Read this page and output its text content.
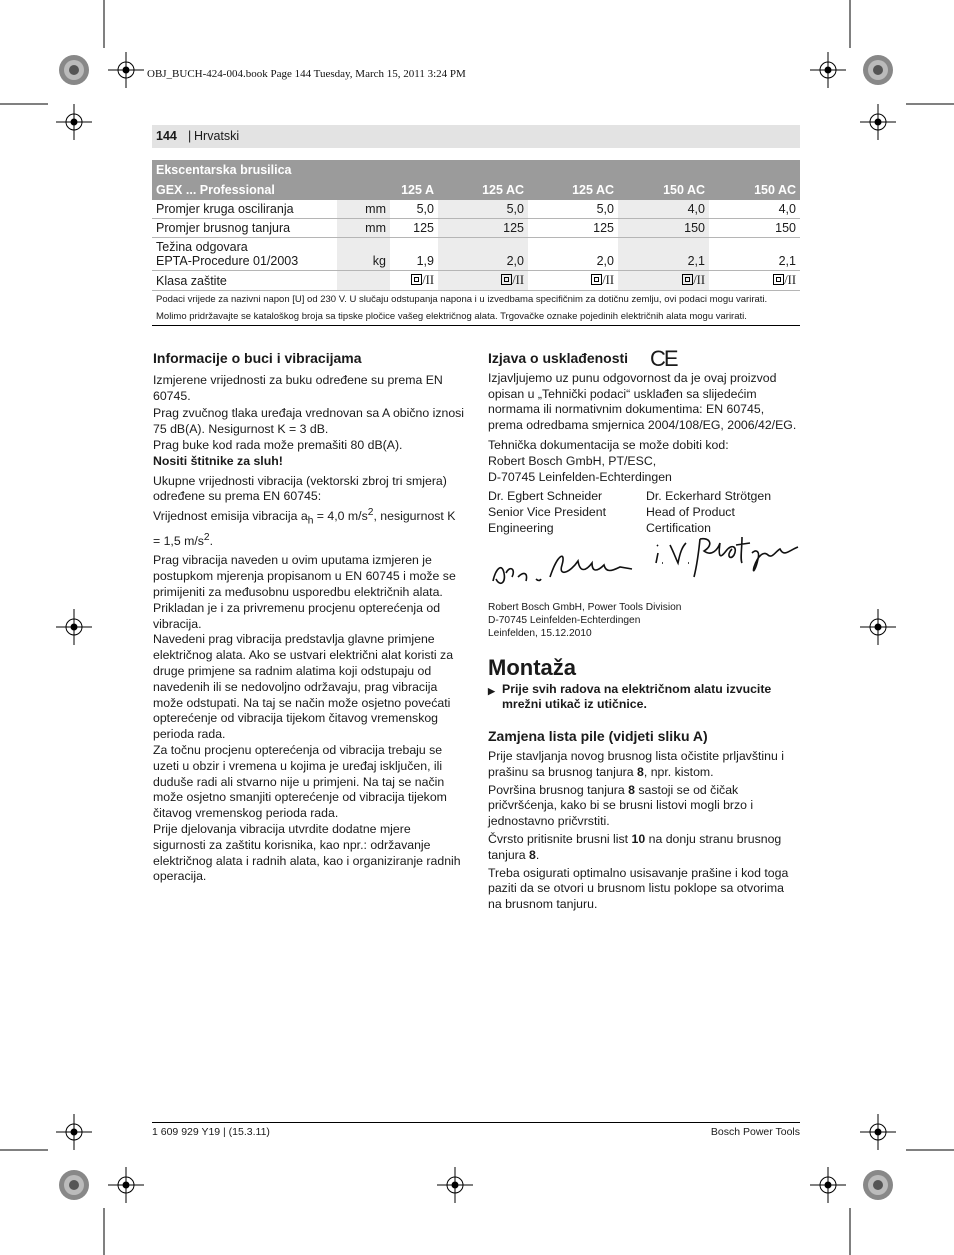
OBJ_BUCH-424-004.book Page 144 Tuesday, March 15, 2011 3:24 PM
144 | Hrvatski
Ekscentarska brusilica						
GEX ... Professional		125 A	125 AC	125 AC	150 AC	150 AC
Promjer kruga osciliranja	mm	5,0	5,0	5,0	4,0	4,0
Promjer brusnog tanjura	mm	125	125	125	150	150

Težina odgovara
EPTA-Procedure 01/2003	kg	1,9	2,0	2,0	2,1	2,1
Klasa zaštite		/II	/II	/II	/II	/II
Podaci vrijede za nazivni napon [U] od 230 V. U slučaju odstupanja napona i u izvedbama specifičnim za dotičnu zemlju, ovi podaci mogu varirati.						
Molimo pridržavajte se kataloškog broja sa tipske pločice vašeg električnog alata. Trgovačke oznake pojedinih električnih alata mogu varirati.						
Informacije o buci i vibracijama

Izmjerene vrijednosti za buku određene su prema EN 60745.

Prag zvučnog tlaka uređaja vrednovan sa A obično iznosi 75 dB(A). Nesigurnost K = 3 dB.

Prag buke kod rada može premašiti 80 dB(A).

Nositi štitnike za sluh!

Ukupne vrijednosti vibracija (vektorski zbroj tri smjera) određene su prema EN 60745:

Vrijednost emisija vibracija $a_h = 4,0$ $m/s^2$, nesigurnost K = 1,5 $m/s^2$.

Prag vibracija naveden u ovim uputama izmjeren je postupkom mjerenja propisanom u EN 60745 i može se primijeniti za međusobnu usporedbu električnih alata. Prikladan je i za privremenu procjenu opterećenja od vibracija.

Navedeni prag vibracija predstavlja glavne primjene električnog alata. Ako se ustvari električni alat koristi za druge primjene sa radnim alatima koji odstupaju od navedenih ili se nedovoljno održavaju, prag vibracija može odstupati. Na taj se način može osjetno povećati opterećenje od vibracija tijekom čitavog vremenskog perioda rada.

Za točnu procjenu opterećenja od vibracija trebaju se uzeti u obzir i vremena u kojima je uređaj isključen, ili duduše radi ali stvarno nije u primjeni. Na taj se način može osjetno smanjiti opterećenje od vibracija tijekom čitavog vremenskog perioda rada.

Prije djelovanja vibracija utvrdite dodatne mjere sigurnosti za zaštitu korisnika, kao npr.: održavanje električnog alata i radnih alata, kao i organiziranje radnih operacija.

Izjava o usklađenosti CE

Izjavljujemo uz punu odgovornost da je ovaj proizvod opisan u „Tehnički podaci“ usklađen sa slijedećim normama ili normativnim dokumentima: EN 60745, prema odredbama smjernica 2004/108/EG, 2006/42/EG.

Tehnička dokumentacija se može dobiti kod:
Robert Bosch GmbH, PT/ESC,
D-70745 Leinfelden-Echterdingen
Dr. Egbert Schneider
Senior Vice President
Engineering
Dr. Eckerhard Strötgen
Head of Product
Certification
Robert Bosch GmbH, Power Tools Division
D-70745 Leinfelden-Echterdingen
Leinfelden, 15.12.2010
Montaža
▶ Prije svih radova na električnom alatu izvucite mrežni utikač iz utičnice.
Zamjena lista pile (vidjeti sliku A)

Prije stavljanja novog brusnog lista očistite prljavštinu i prašinu sa brusnog tanjura 8, npr. kistom.

Površina brusnog tanjura 8 sastoji se od čičak pričvršćenja, kako bi se brusni listovi mogli brzo i jednostavno pričvrstiti.

Čvrsto pritisnite brusni list 10 na donju stranu brusnog tanjura 8.

Treba osigurati optimalno usisavanje prašine i kod toga paziti da se otvori u brusnom listu poklope sa otvorima na brusnom tanjuru.

1 609 929 Y19 | (15.3.11)	Bosch Power Tools
